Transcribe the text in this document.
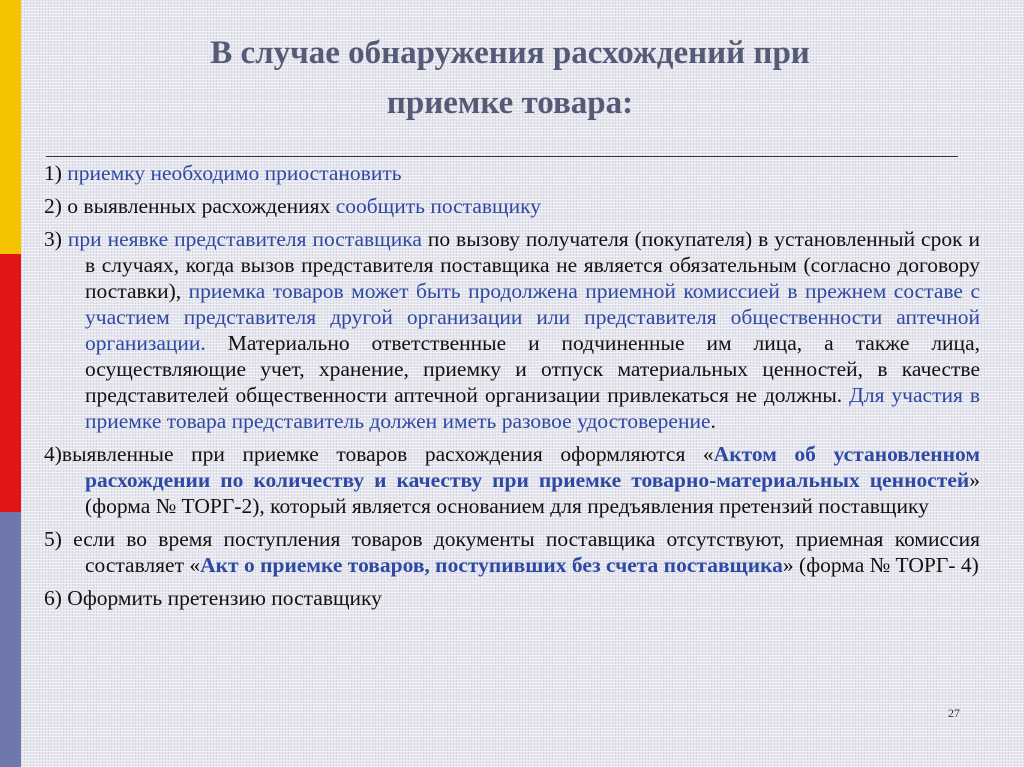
В случае обнаружения расхождений при
приемке товара:

1) приемку необходимо приостановить

2) о выявленных расхождениях сообщить поставщику

3) при неявке представителя поставщика по вызову получателя (покупателя) в установленный срок и в случаях, когда вызов представителя поставщика не является обязательным (согласно договору поставки), приемка товаров может быть продолжена приемной комиссией в прежнем составе с участием представителя другой организации или представителя общественности аптечной организации. Материально ответственные и подчиненные им лица, а также лица, осуществляющие учет, хранение, приемку и отпуск материальных ценностей, в качестве представителей общественности аптечной организации привлекаться не должны. Для участия в приемке товара представитель должен иметь разовое удостоверение.

4)выявленные при приемке товаров расхождения оформляются «Актом об установленном расхождении по количеству и качеству при приемке товарно-материальных ценностей» (форма № ТОРГ-2), который является основанием для предъявления претензий поставщику

5) если во время поступления товаров документы поставщика отсутствуют, приемная комиссия составляет «Акт о приемке товаров, поступивших без счета поставщика» (форма № ТОРГ- 4)

6) Оформить претензию поставщику

27
